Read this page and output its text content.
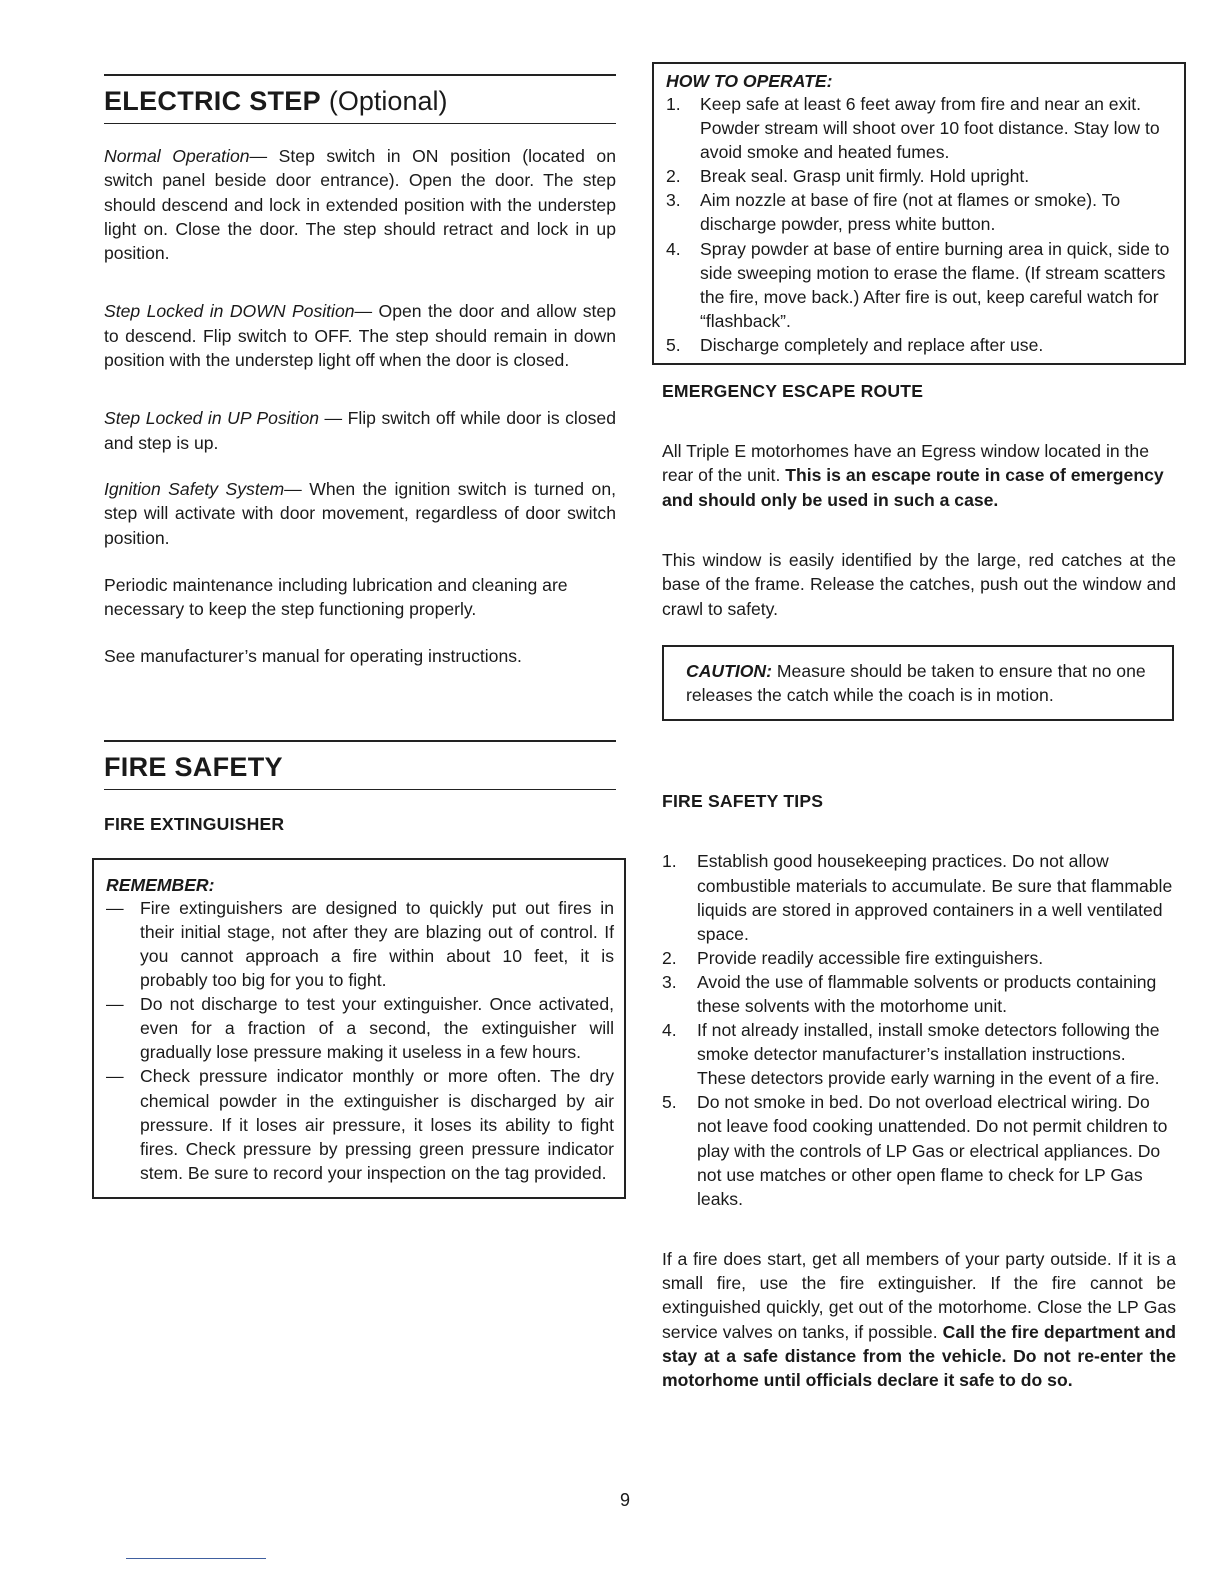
ELECTRIC STEP (Optional)

Normal Operation— Step switch in ON position (located on switch panel beside door entrance). Open the door. The step should descend and lock in extended position with the understep light on. Close the door. The step should retract and lock in up position.

Step Locked in DOWN Position— Open the door and allow step to descend. Flip switch to OFF. The step should remain in down position with the understep light off when the door is closed.

Step Locked in UP Position — Flip switch off while door is closed and step is up.

Ignition Safety System— When the ignition switch is turned on, step will activate with door movement, regardless of door switch position.

Periodic maintenance including lubrication and cleaning are necessary to keep the step functioning properly.

See manufacturer’s manual for operating instructions.

FIRE SAFETY
FIRE EXTINGUISHER
REMEMBER:
— Fire extinguishers are designed to quickly put out fires in their initial stage, not after they are blazing out of control. If you cannot approach a fire within about 10 feet, it is probably too big for you to fight.
— Do not discharge to test your extinguisher. Once activated, even for a fraction of a second, the extinguisher will gradually lose pressure making it useless in a few hours.
— Check pressure indicator monthly or more often. The dry chemical powder in the extinguisher is discharged by air pressure. If it loses air pressure, it loses its ability to fight fires. Check pressure by pressing green pressure indicator stem. Be sure to record your inspection on the tag provided.
HOW TO OPERATE:
1. Keep safe at least 6 feet away from fire and near an exit. Powder stream will shoot over 10 foot distance. Stay low to avoid smoke and heated fumes.
2. Break seal. Grasp unit firmly. Hold upright.
3. Aim nozzle at base of fire (not at flames or smoke). To discharge powder, press white button.
4. Spray powder at base of entire burning area in quick, side to side sweeping motion to erase the flame. (If stream scatters the fire, move back.) After fire is out, keep careful watch for “flashback”.
5. Discharge completely and replace after use.
EMERGENCY ESCAPE ROUTE

All Triple E motorhomes have an Egress window located in the rear of the unit. This is an escape route in case of emergency and should only be used in such a case.

This window is easily identified by the large, red catches at the base of the frame. Release the catches, push out the window and crawl to safety.

CAUTION: Measure should be taken to ensure that no one releases the catch while the coach is in motion.

FIRE SAFETY TIPS
1. Establish good housekeeping practices. Do not allow combustible materials to accumulate. Be sure that flammable liquids are stored in approved containers in a well ventilated space.
2. Provide readily accessible fire extinguishers.
3. Avoid the use of flammable solvents or products containing these solvents with the motorhome unit.
4. If not already installed, install smoke detectors following the smoke detector manufacturer’s installation instructions. These detectors provide early warning in the event of a fire.
5. Do not smoke in bed. Do not overload electrical wiring. Do not leave food cooking unattended. Do not permit children to play with the controls of LP Gas or electrical appliances. Do not use matches or other open flame to check for LP Gas leaks.

If a fire does start, get all members of your party outside. If it is a small fire, use the fire extinguisher. If the fire cannot be extinguished quickly, get out of the motorhome. Close the LP Gas service valves on tanks, if possible. Call the fire department and stay at a safe distance from the vehicle. Do not re-enter the motorhome until officials declare it safe to do so.

9
